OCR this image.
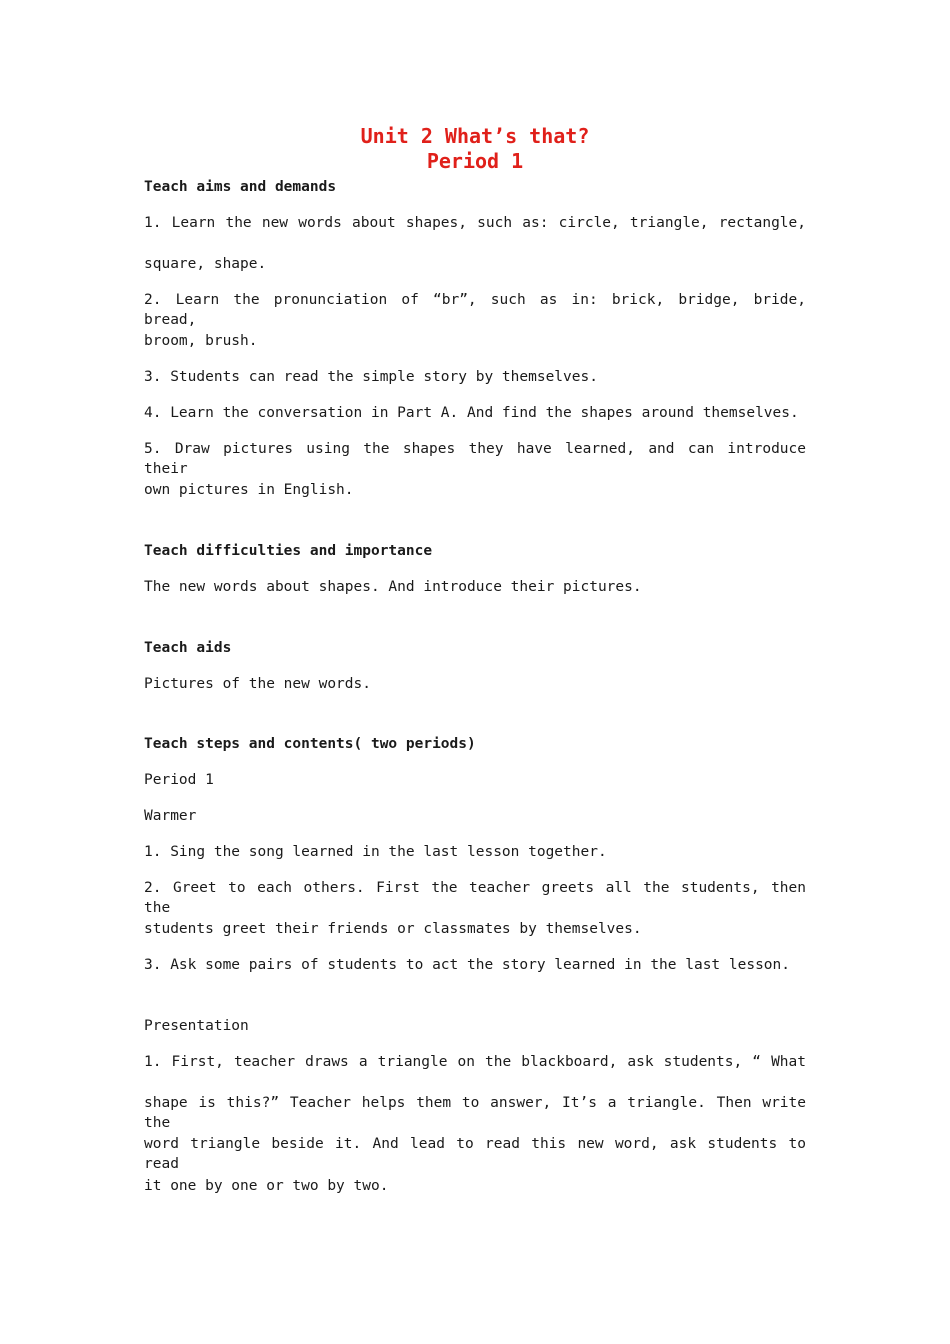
Unit 2 What’s that?
Period 1

Teach aims and demands

1. Learn the new words about shapes, such as: circle, triangle, rectangle,

square, shape.

2. Learn the pronunciation of “br”, such as in: brick, bridge, bride, bread,

broom, brush.

3. Students can read the simple story by themselves.

4. Learn the conversation in Part A. And find the shapes around themselves.

5. Draw pictures using the shapes they have learned, and can introduce their

own pictures in English.

Teach difficulties and importance

The new words about shapes. And introduce their pictures.

Teach aids

Pictures of the new words.

Teach steps and contents( two periods)

Period 1

Warmer

1. Sing the song learned in the last lesson together.

2. Greet to each others. First the teacher greets all the students, then the

students greet their friends or classmates by themselves.

3. Ask some pairs of students to act the story learned in the last lesson.

Presentation

1. First, teacher draws a triangle on the blackboard, ask students, “ What

shape is this?” Teacher helps them to answer, It’s a triangle. Then write the

word triangle beside it. And lead to read this new word, ask students to read

it one by one or two by two.
